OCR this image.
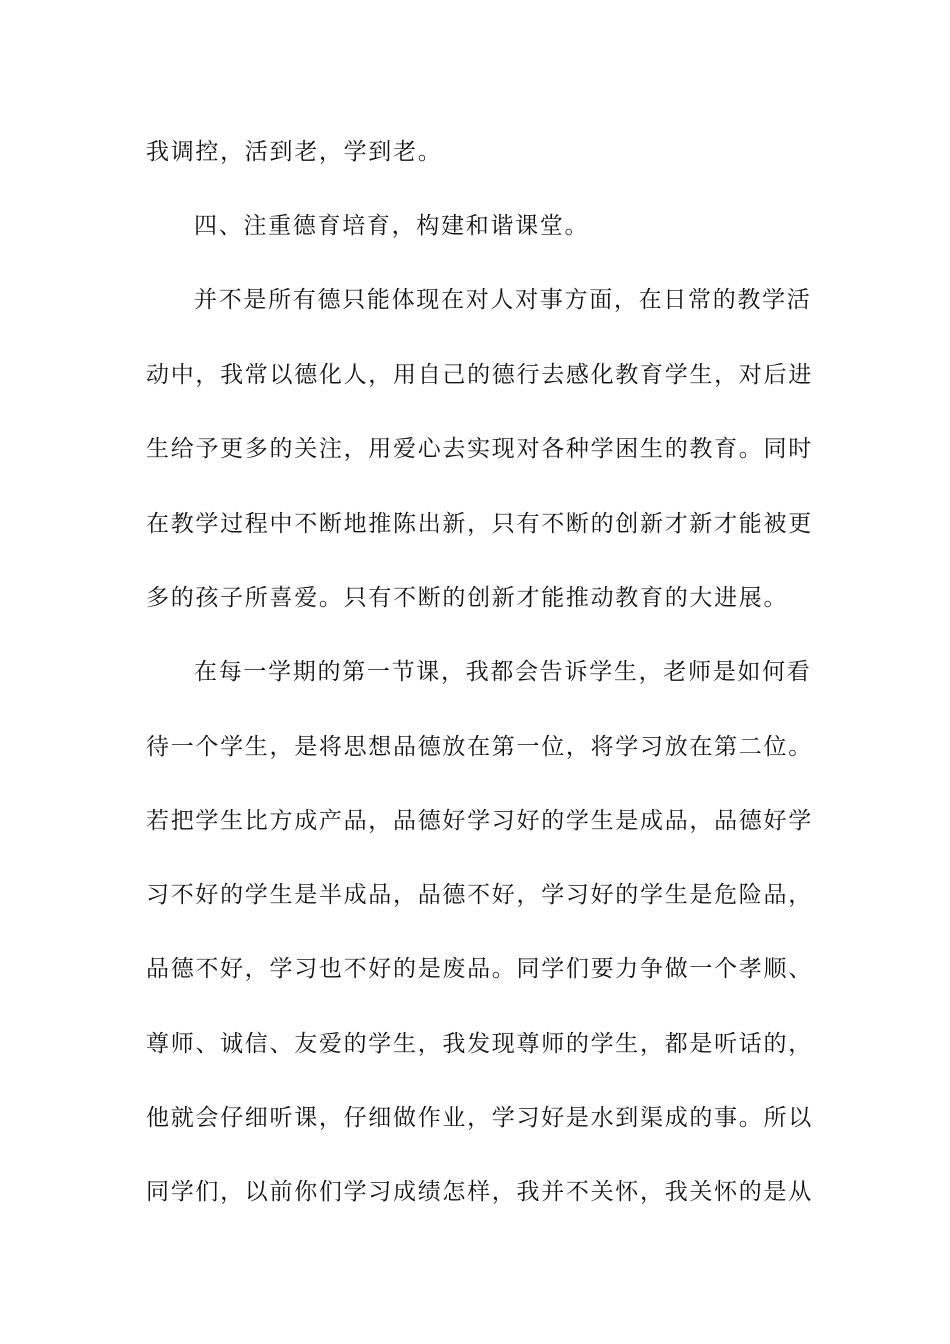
我调控，活到老，学到老。
四、注重德育培育，构建和谐课堂。
并不是所有德只能体现在对人对事方面，在日常的教学活
动中，我常以德化人，用自己的德行去感化教育学生，对后进
生给予更多的关注，用爱心去实现对各种学困生的教育。同时
在教学过程中不断地推陈出新，只有不断的创新才新才能被更
多的孩子所喜爱。只有不断的创新才能推动教育的大进展。
在每一学期的第一节课，我都会告诉学生，老师是如何看
待一个学生，是将思想品德放在第一位，将学习放在第二位。
若把学生比方成产品，品德好学习好的学生是成品，品德好学
习不好的学生是半成品，品德不好，学习好的学生是危险品，
品德不好，学习也不好的是废品。同学们要力争做一个孝顺、
尊师、诚信、友爱的学生，我发现尊师的学生，都是听话的，
他就会仔细听课，仔细做作业，学习好是水到渠成的事。所以
同学们，以前你们学习成绩怎样，我并不关怀，我关怀的是从
